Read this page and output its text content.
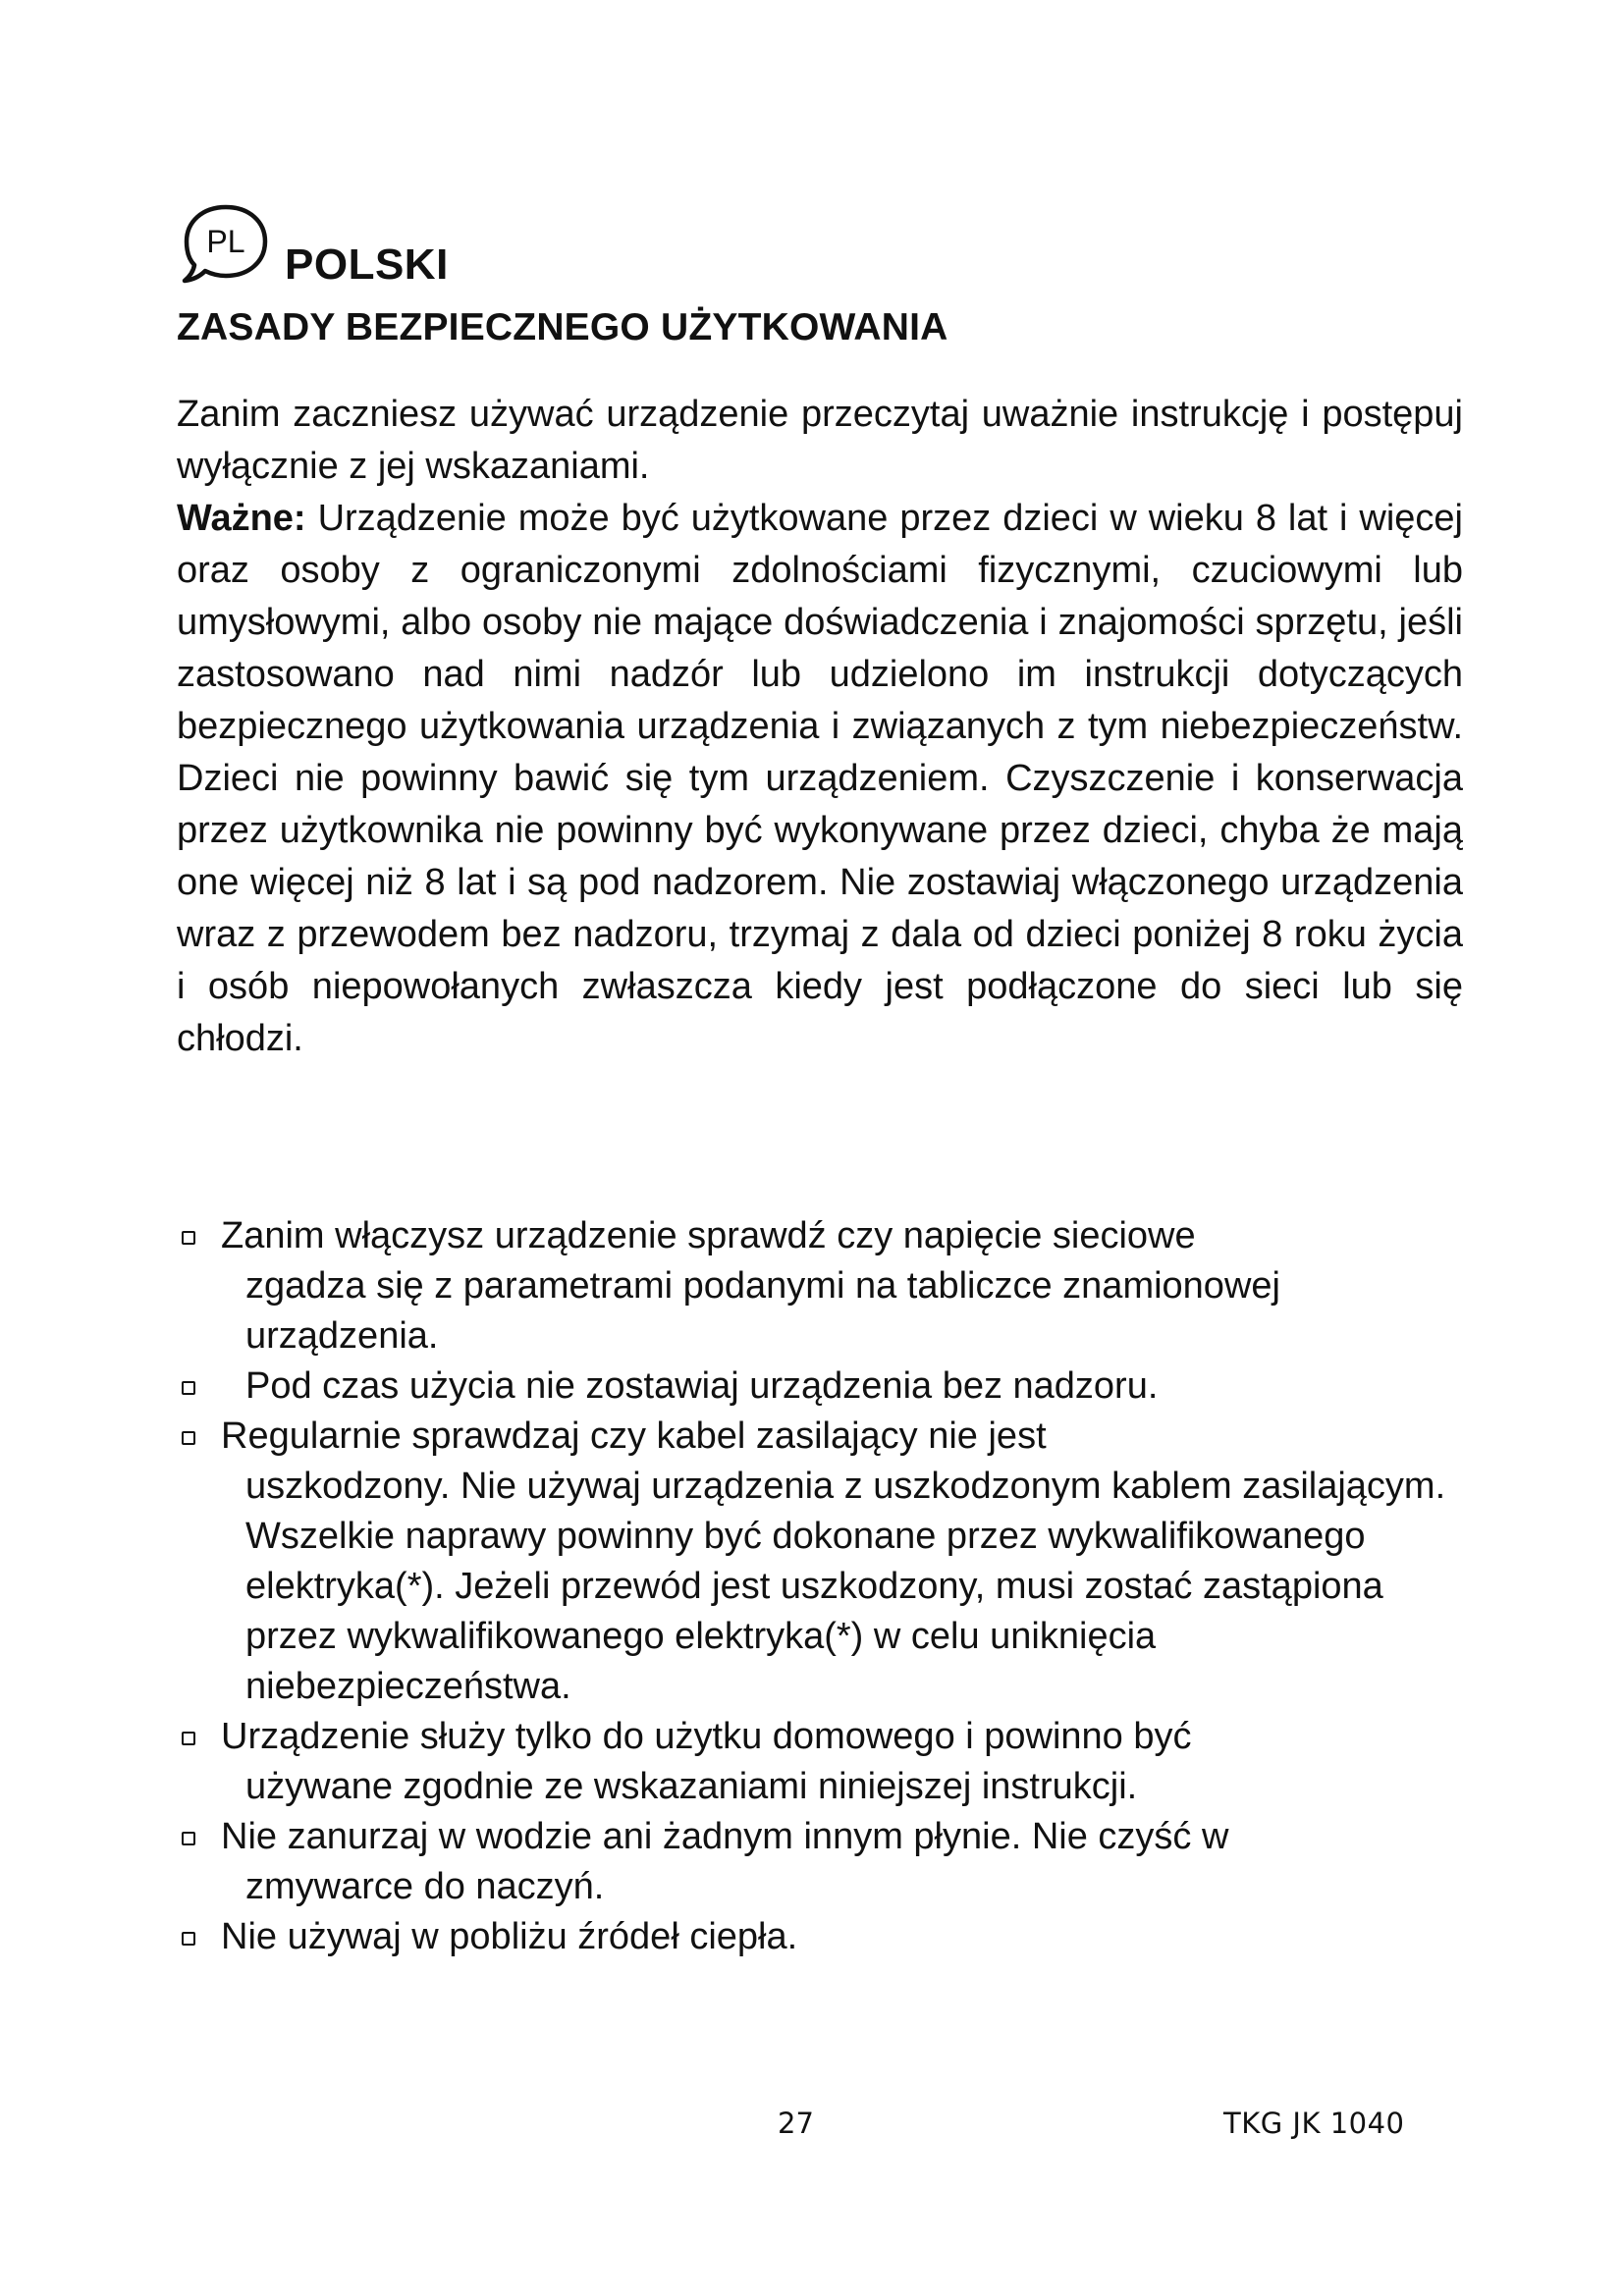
PL POLSKI
ZASADY BEZPIECZNEGO UŻYTKOWANIA

Zanim zaczniesz używać urządzenie przeczytaj uważnie instrukcję i postępuj wyłącznie z jej wskazaniami.
Ważne: Urządzenie może być użytkowane przez dzieci w wieku 8 lat i więcej oraz osoby z ograniczonymi zdolnościami fizycznymi, czuciowymi lub umysłowymi, albo osoby nie mające doświadczenia i znajomości sprzętu, jeśli zastosowano nad nimi nadzór lub udzielono im instrukcji dotyczących bezpiecznego użytkowania urządzenia i związanych z tym niebezpieczeństw. Dzieci nie powinny bawić się tym urządzeniem. Czyszczenie i konserwacja przez użytkownika nie powinny być wykonywane przez dzieci, chyba że mają one więcej niż 8 lat i są pod nadzorem. Nie zostawiaj włączonego urządzenia wraz z przewodem bez nadzoru, trzymaj z dala od dzieci poniżej 8 roku życia i osób niepowołanych zwłaszcza kiedy jest podłączone do sieci lub się chłodzi.

Zanim włączysz urządzenie sprawdź czy napięcie sieciowe
zgadza się z parametrami podanymi na tabliczce znamionowej urządzenia.
Pod czas użycia nie zostawiaj urządzenia bez nadzoru.
Regularnie sprawdzaj czy kabel zasilający nie jest
uszkodzony. Nie używaj urządzenia z uszkodzonym kablem zasilającym. Wszelkie naprawy powinny być dokonane przez wykwalifikowanego elektryka(*). Jeżeli przewód jest uszkodzony, musi zostać zastąpiona przez wykwalifikowanego elektryka(*) w celu uniknięcia niebezpieczeństwa.
Urządzenie służy tylko do użytku domowego i powinno być
używane zgodnie ze wskazaniami niniejszej instrukcji.
Nie zanurzaj w wodzie ani żadnym innym płynie. Nie czyść w
zmywarce do naczyń.
Nie używaj w pobliżu źródeł ciepła.
27	TKG JK 1040
